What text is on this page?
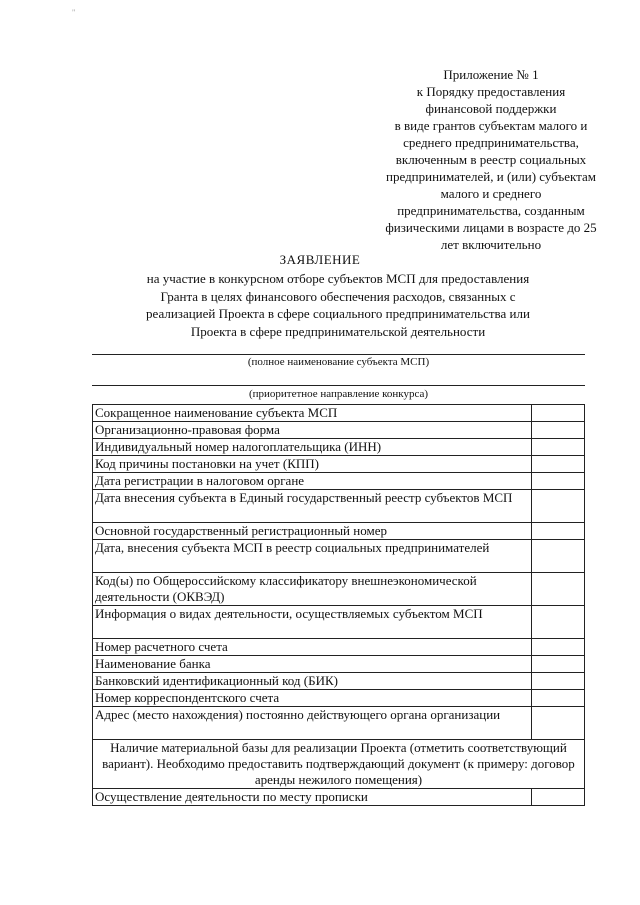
"
Приложение № 1
к Порядку предоставления
финансовой поддержки
в виде грантов субъектам малого и
среднего предпринимательства,
включенным в реестр социальных
предпринимателей, и (или) субъектам
малого и среднего
предпринимательства, созданным
физическими лицами в возрасте до 25
лет включительно
ЗАЯВЛЕНИЕ
на участие в конкурсном отборе субъектов МСП для предоставления
Гранта в целях финансового обеспечения расходов, связанных с
реализацией Проекта в сфере социального предпринимательства или
Проекта в сфере предпринимательской деятельности
(полное наименование субъекта МСП)
(приоритетное направление конкурса)
Сокращенное наименование субъекта МСП	
Организационно-правовая форма	
Индивидуальный номер налогоплательщика (ИНН)	
Код причины постановки на учет (КПП)	
Дата регистрации в налоговом органе	
Дата внесения субъекта в Единый государственный реестр субъектов МСП	
Основной государственный регистрационный номер	
Дата, внесения субъекта МСП в реестр социальных предпринимателей	
Код(ы) по Общероссийскому классификатору внешнеэкономической деятельности (ОКВЭД)	
Информация о видах деятельности, осуществляемых субъектом МСП	
Номер расчетного счета	
Наименование банка	
Банковский идентификационный код (БИК)	
Номер корреспондентского счета	
Адрес (место нахождения) постоянно действующего органа организации	
Наличие материальной базы для реализации Проекта (отметить соответствующий вариант). Необходимо предоставить подтверждающий документ (к примеру: договор аренды нежилого помещения)	
Осуществление деятельности по месту прописки	
